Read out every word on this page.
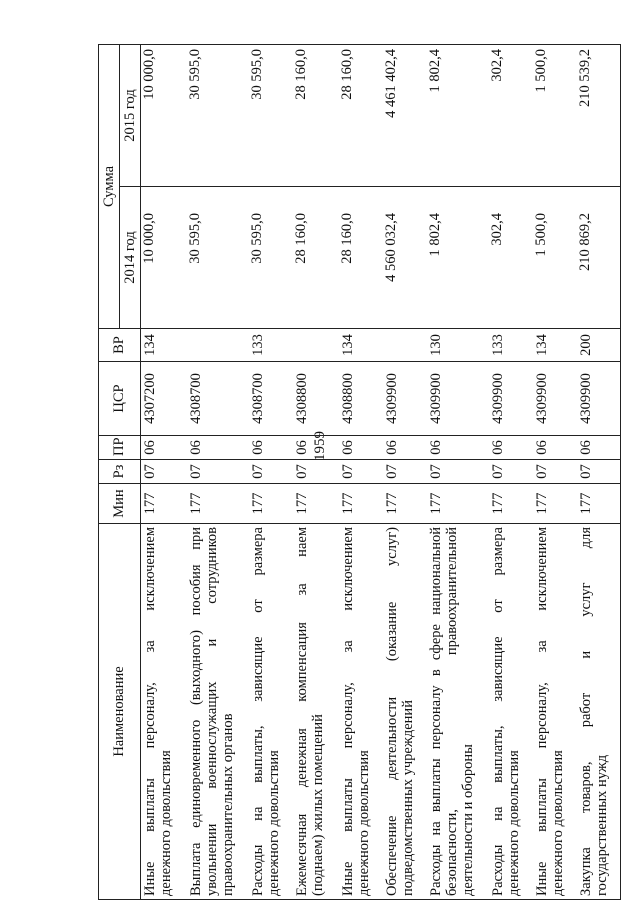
1959
Наименование	Мин	Рз	ПР	ЦСР	ВР	Сумма	
						2014 год	2015 год
Иные выплаты персоналу, за исключением денежного довольствия	177	07	06	4307200	134	10 000,0	10 000,0
Выплата единовременного (выходного) пособия при увольнении военнослужащих и сотрудников правоохранительных органов	177	07	06	4308700		30 595,0	30 595,0
Расходы на выплаты, зависящие от размера денежного довольствия	177	07	06	4308700	133	30 595,0	30 595,0
Ежемесячная денежная компенсация за наем (поднаем) жилых помещений	177	07	06	4308800		28 160,0	28 160,0
Иные выплаты персоналу, за исключением денежного довольствия	177	07	06	4308800	134	28 160,0	28 160,0
Обеспечение деятельности (оказание услуг) подведомственных учреждений	177	07	06	4309900		4 560 032,4	4 461 402,4
Расходы на выплаты персоналу в сфере национальной безопасности, правоохранительной деятельности и обороны	177	07	06	4309900	130	1 802,4	1 802,4
Расходы на выплаты, зависящие от размера денежного довольствия	177	07	06	4309900	133	302,4	302,4
Иные выплаты персоналу, за исключением денежного довольствия	177	07	06	4309900	134	1 500,0	1 500,0
Закупка товаров, работ и услуг для государственных нужд	177	07	06	4309900	200	210 869,2	210 539,2
